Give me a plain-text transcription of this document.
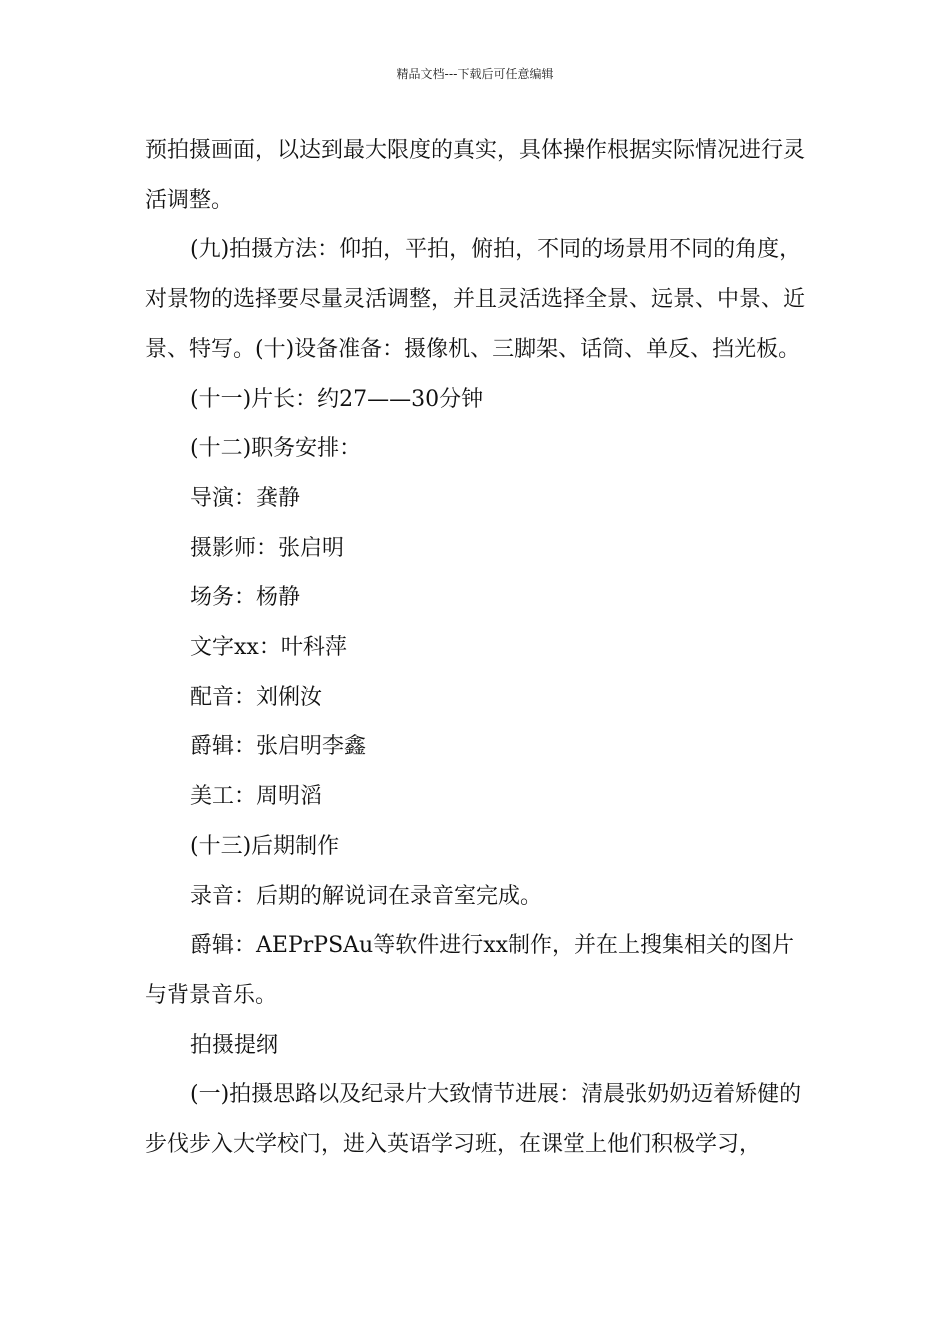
精品文档---下载后可任意编辑

预拍摄画面，以达到最大限度的真实，具体操作根据实际情况进行灵活调整。

(九)拍摄方法：仰拍，平拍，俯拍，不同的场景用不同的角度，对景物的选择要尽量灵活调整，并且灵活选择全景、远景、中景、近景、特写。(十)设备准备：摄像机、三脚架、话筒、单反、挡光板。

(十一)片长：约27——30分钟

(十二)职务安排：

导演：龚静

摄影师：张启明

场务：杨静

文字xx：叶科萍

配音：刘俐汝

爵辑：张启明李鑫

美工：周明滔

(十三)后期制作

录音：后期的解说词在录音室完成。

爵辑：AEPrPSAu等软件进行xx制作，并在上搜集相关的图片与背景音乐。

拍摄提纲

(一)拍摄思路以及纪录片大致情节进展：清晨张奶奶迈着矫健的步伐步入大学校门，进入英语学习班，在课堂上他们积极学习，
